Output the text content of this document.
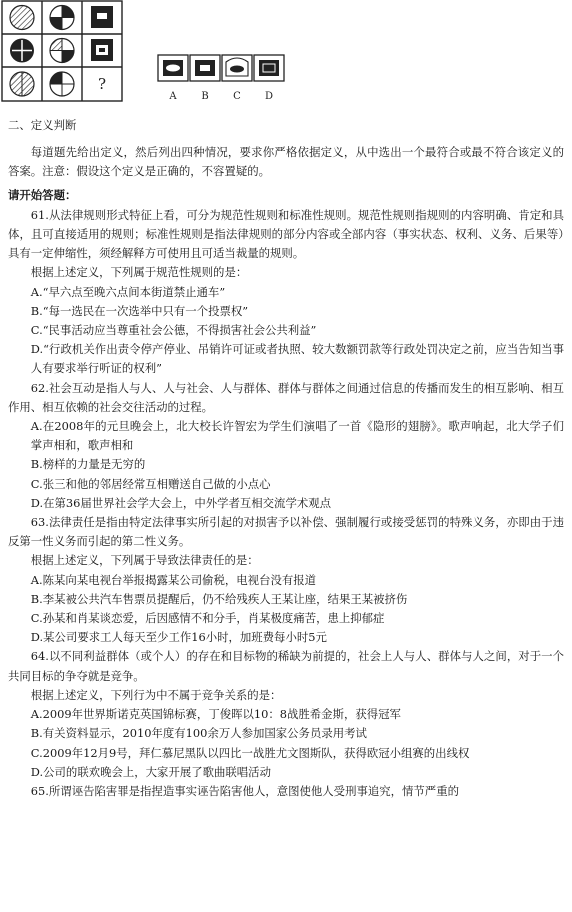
?
A B C D

二、定义判断

每道题先给出定义，然后列出四种情况，要求你严格依据定义，从中选出一个最符合或最不符合该定义的答案。注意：假设这个定义是正确的，不容置疑的。

请开始答题：

61.从法律规则形式特征上看，可分为规范性规则和标准性规则。规范性规则指规则的内容明确、肯定和具体，且可直接适用的规则；标准性规则是指法律规则的部分内容或全部内容（事实状态、权利、义务、后果等）具有一定伸缩性，须经解释方可使用且可适当裁量的规则。

根据上述定义，下列属于规范性规则的是：

A.“早六点至晚六点间本街道禁止通车”

B.“每一选民在一次选举中只有一个投票权”

C.“民事活动应当尊重社会公德，不得损害社会公共利益”

D.“行政机关作出责令停产停业、吊销许可证或者执照、较大数额罚款等行政处罚决定之前，应当告知当事人有要求举行听证的权利”

62.社会互动是指人与人、人与社会、人与群体、群体与群体之间通过信息的传播而发生的相互影响、相互作用、相互依赖的社会交往活动的过程。

A.在2008年的元旦晚会上，北大校长许智宏为学生们演唱了一首《隐形的翅膀》。歌声响起，北大学子们掌声相和，歌声相和

B.榜样的力量是无穷的

C.张三和他的邻居经常互相赠送自己做的小点心

D.在第36届世界社会学大会上，中外学者互相交流学术观点

63.法律责任是指由特定法律事实所引起的对损害予以补偿、强制履行或接受惩罚的特殊义务，亦即由于违反第一性义务而引起的第二性义务。

根据上述定义，下列属于导致法律责任的是：

A.陈某向某电视台举报揭露某公司偷税，电视台没有报道

B.李某被公共汽车售票员提醒后，仍不给残疾人王某让座，结果王某被挤伤

C.孙某和肖某谈恋爱，后因感情不和分手，肖某极度痛苦，患上抑郁症

D.某公司要求工人每天至少工作16小时，加班费每小时5元

64.以不同利益群体（或个人）的存在和目标物的稀缺为前提的，社会上人与人、群体与人之间，对于一个共同目标的争夺就是竞争。

根据上述定义，下列行为中不属于竞争关系的是：

A.2009年世界斯诺克英国锦标赛，丁俊晖以10：8战胜希金斯，获得冠军

B.有关资料显示，2010年度有100余万人参加国家公务员录用考试

C.2009年12月9号，拜仁慕尼黑队以四比一战胜尤文图斯队，获得欧冠小组赛的出线权

D.公司的联欢晚会上，大家开展了歌曲联唱活动

65.所谓诬告陷害罪是指捏造事实诬告陷害他人，意图使他人受刑事追究，情节严重的
